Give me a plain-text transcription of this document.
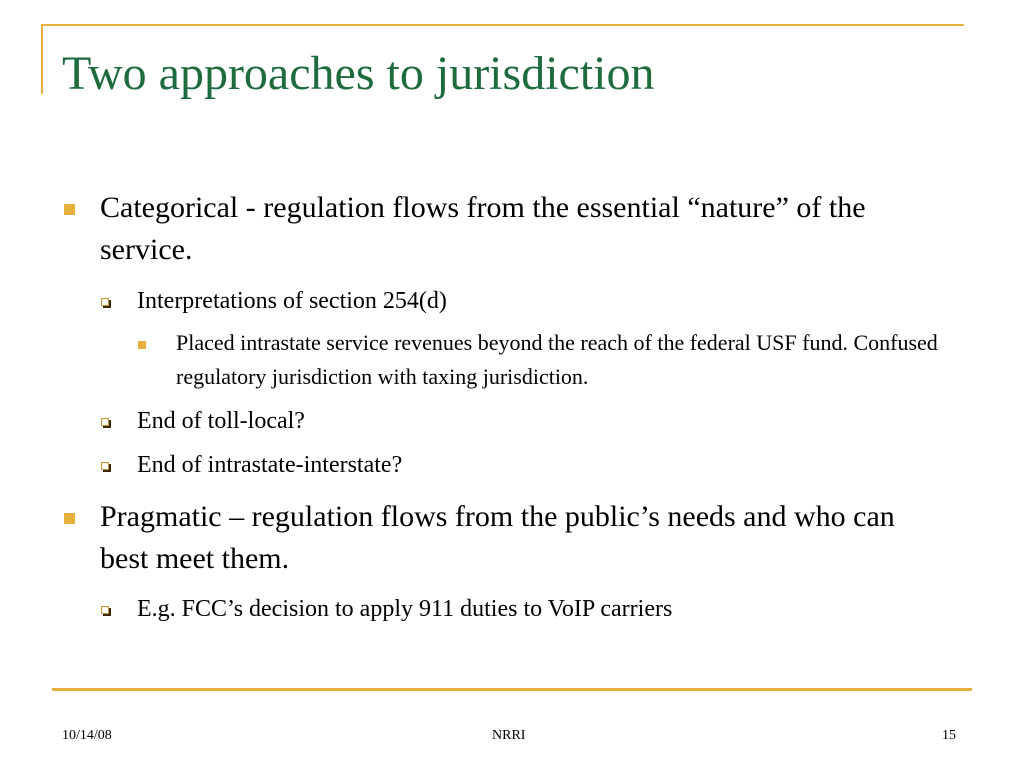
Two approaches to jurisdiction
Categorical - regulation flows from the essential “nature” of the service.
Interpretations of section 254(d)
Placed intrastate service revenues beyond the reach of the federal USF fund. Confused regulatory jurisdiction with taxing jurisdiction.
End of toll-local?
End of intrastate-interstate?
Pragmatic – regulation flows from the public’s needs and who can best meet them.
E.g. FCC’s decision to apply 911 duties to VoIP carriers
10/14/08	NRRI	15
